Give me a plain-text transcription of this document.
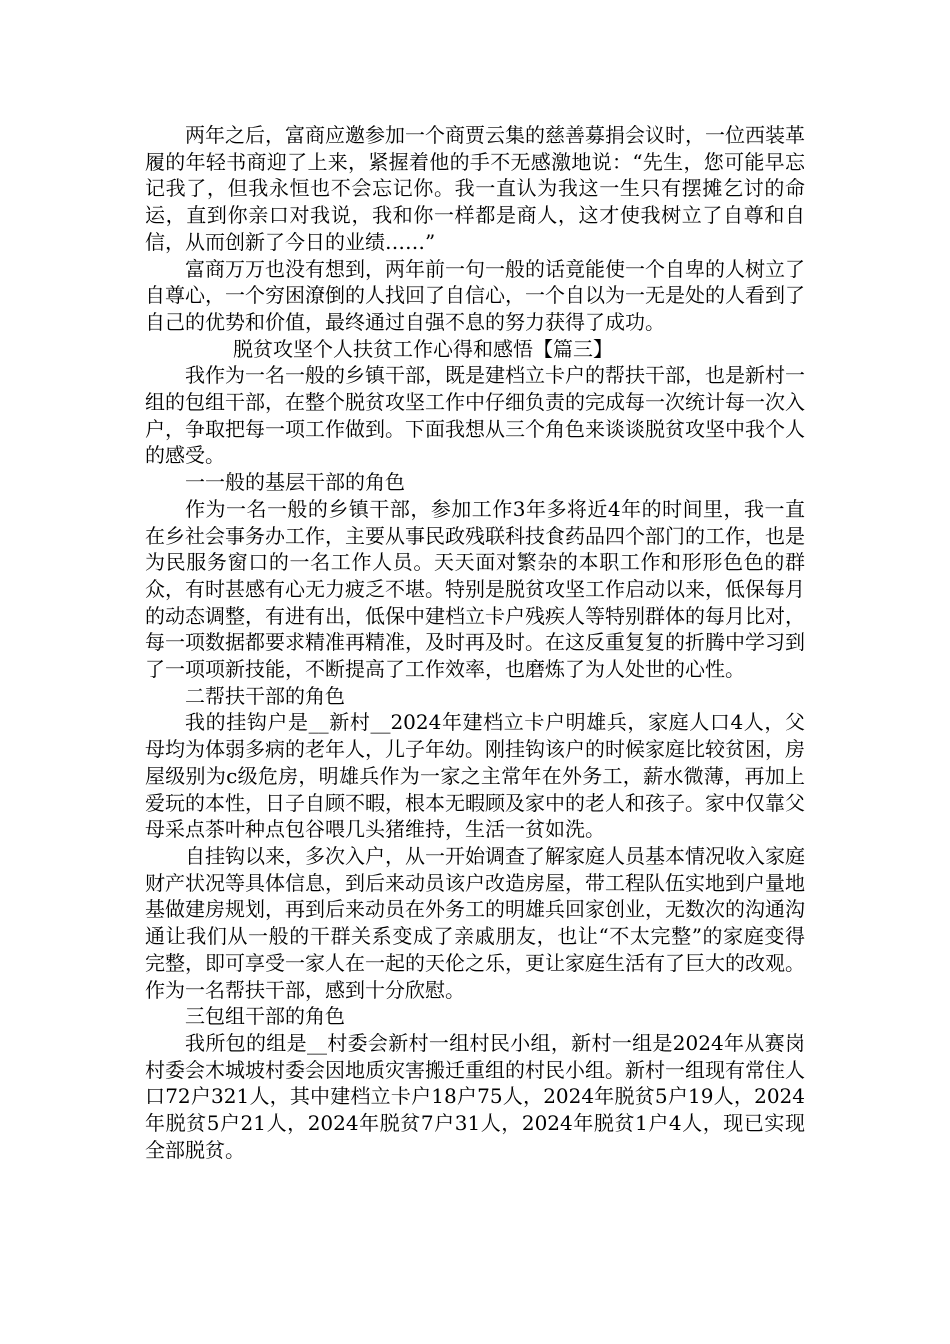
两年之后，富商应邀参加一个商贾云集的慈善募捐会议时，一位西装革履的年轻书商迎了上来，紧握着他的手不无感激地说：“先生，您可能早忘记我了，但我永恒也不会忘记你。我一直认为我这一生只有摆摊乞讨的命运，直到你亲口对我说，我和你一样都是商人，这才使我树立了自尊和自信，从而创新了今日的业绩……”

富商万万也没有想到，两年前一句一般的话竟能使一个自卑的人树立了自尊心，一个穷困潦倒的人找回了自信心，一个自以为一无是处的人看到了自己的优势和价值，最终通过自强不息的努力获得了成功。

脱贫攻坚个人扶贫工作心得和感悟【篇三】

我作为一名一般的乡镇干部，既是建档立卡户的帮扶干部，也是新村一组的包组干部，在整个脱贫攻坚工作中仔细负责的完成每一次统计每一次入户，争取把每一项工作做到。下面我想从三个角色来谈谈脱贫攻坚中我个人的感受。

一一般的基层干部的角色

作为一名一般的乡镇干部，参加工作3年多将近4年的时间里，我一直在乡社会事务办工作，主要从事民政残联科技食药品四个部门的工作，也是为民服务窗口的一名工作人员。天天面对繁杂的本职工作和形形色色的群众，有时甚感有心无力疲乏不堪。特别是脱贫攻坚工作启动以来，低保每月的动态调整，有进有出，低保中建档立卡户残疾人等特别群体的每月比对，每一项数据都要求精准再精准，及时再及时。在这反重复复的折腾中学习到了一项项新技能，不断提高了工作效率，也磨炼了为人处世的心性。

二帮扶干部的角色

我的挂钩户是__新村__2024年建档立卡户明雄兵，家庭人口4人，父母均为体弱多病的老年人，儿子年幼。刚挂钩该户的时候家庭比较贫困，房屋级别为c级危房，明雄兵作为一家之主常年在外务工，薪水微薄，再加上爱玩的本性，日子自顾不暇，根本无暇顾及家中的老人和孩子。家中仅靠父母采点茶叶种点包谷喂几头猪维持，生活一贫如洗。

自挂钩以来，多次入户，从一开始调查了解家庭人员基本情况收入家庭财产状况等具体信息，到后来动员该户改造房屋，带工程队伍实地到户量地基做建房规划，再到后来动员在外务工的明雄兵回家创业，无数次的沟通沟通让我们从一般的干群关系变成了亲戚朋友，也让“不太完整”的家庭变得完整，即可享受一家人在一起的天伦之乐，更让家庭生活有了巨大的改观。作为一名帮扶干部，感到十分欣慰。

三包组干部的角色

我所包的组是__村委会新村一组村民小组，新村一组是2024年从赛岗村委会木城坡村委会因地质灾害搬迁重组的村民小组。新村一组现有常住人口72户321人，其中建档立卡户18户75人，2024年脱贫5户19人，2024年脱贫5户21人，2024年脱贫7户31人，2024年脱贫1户4人，现已实现全部脱贫。
